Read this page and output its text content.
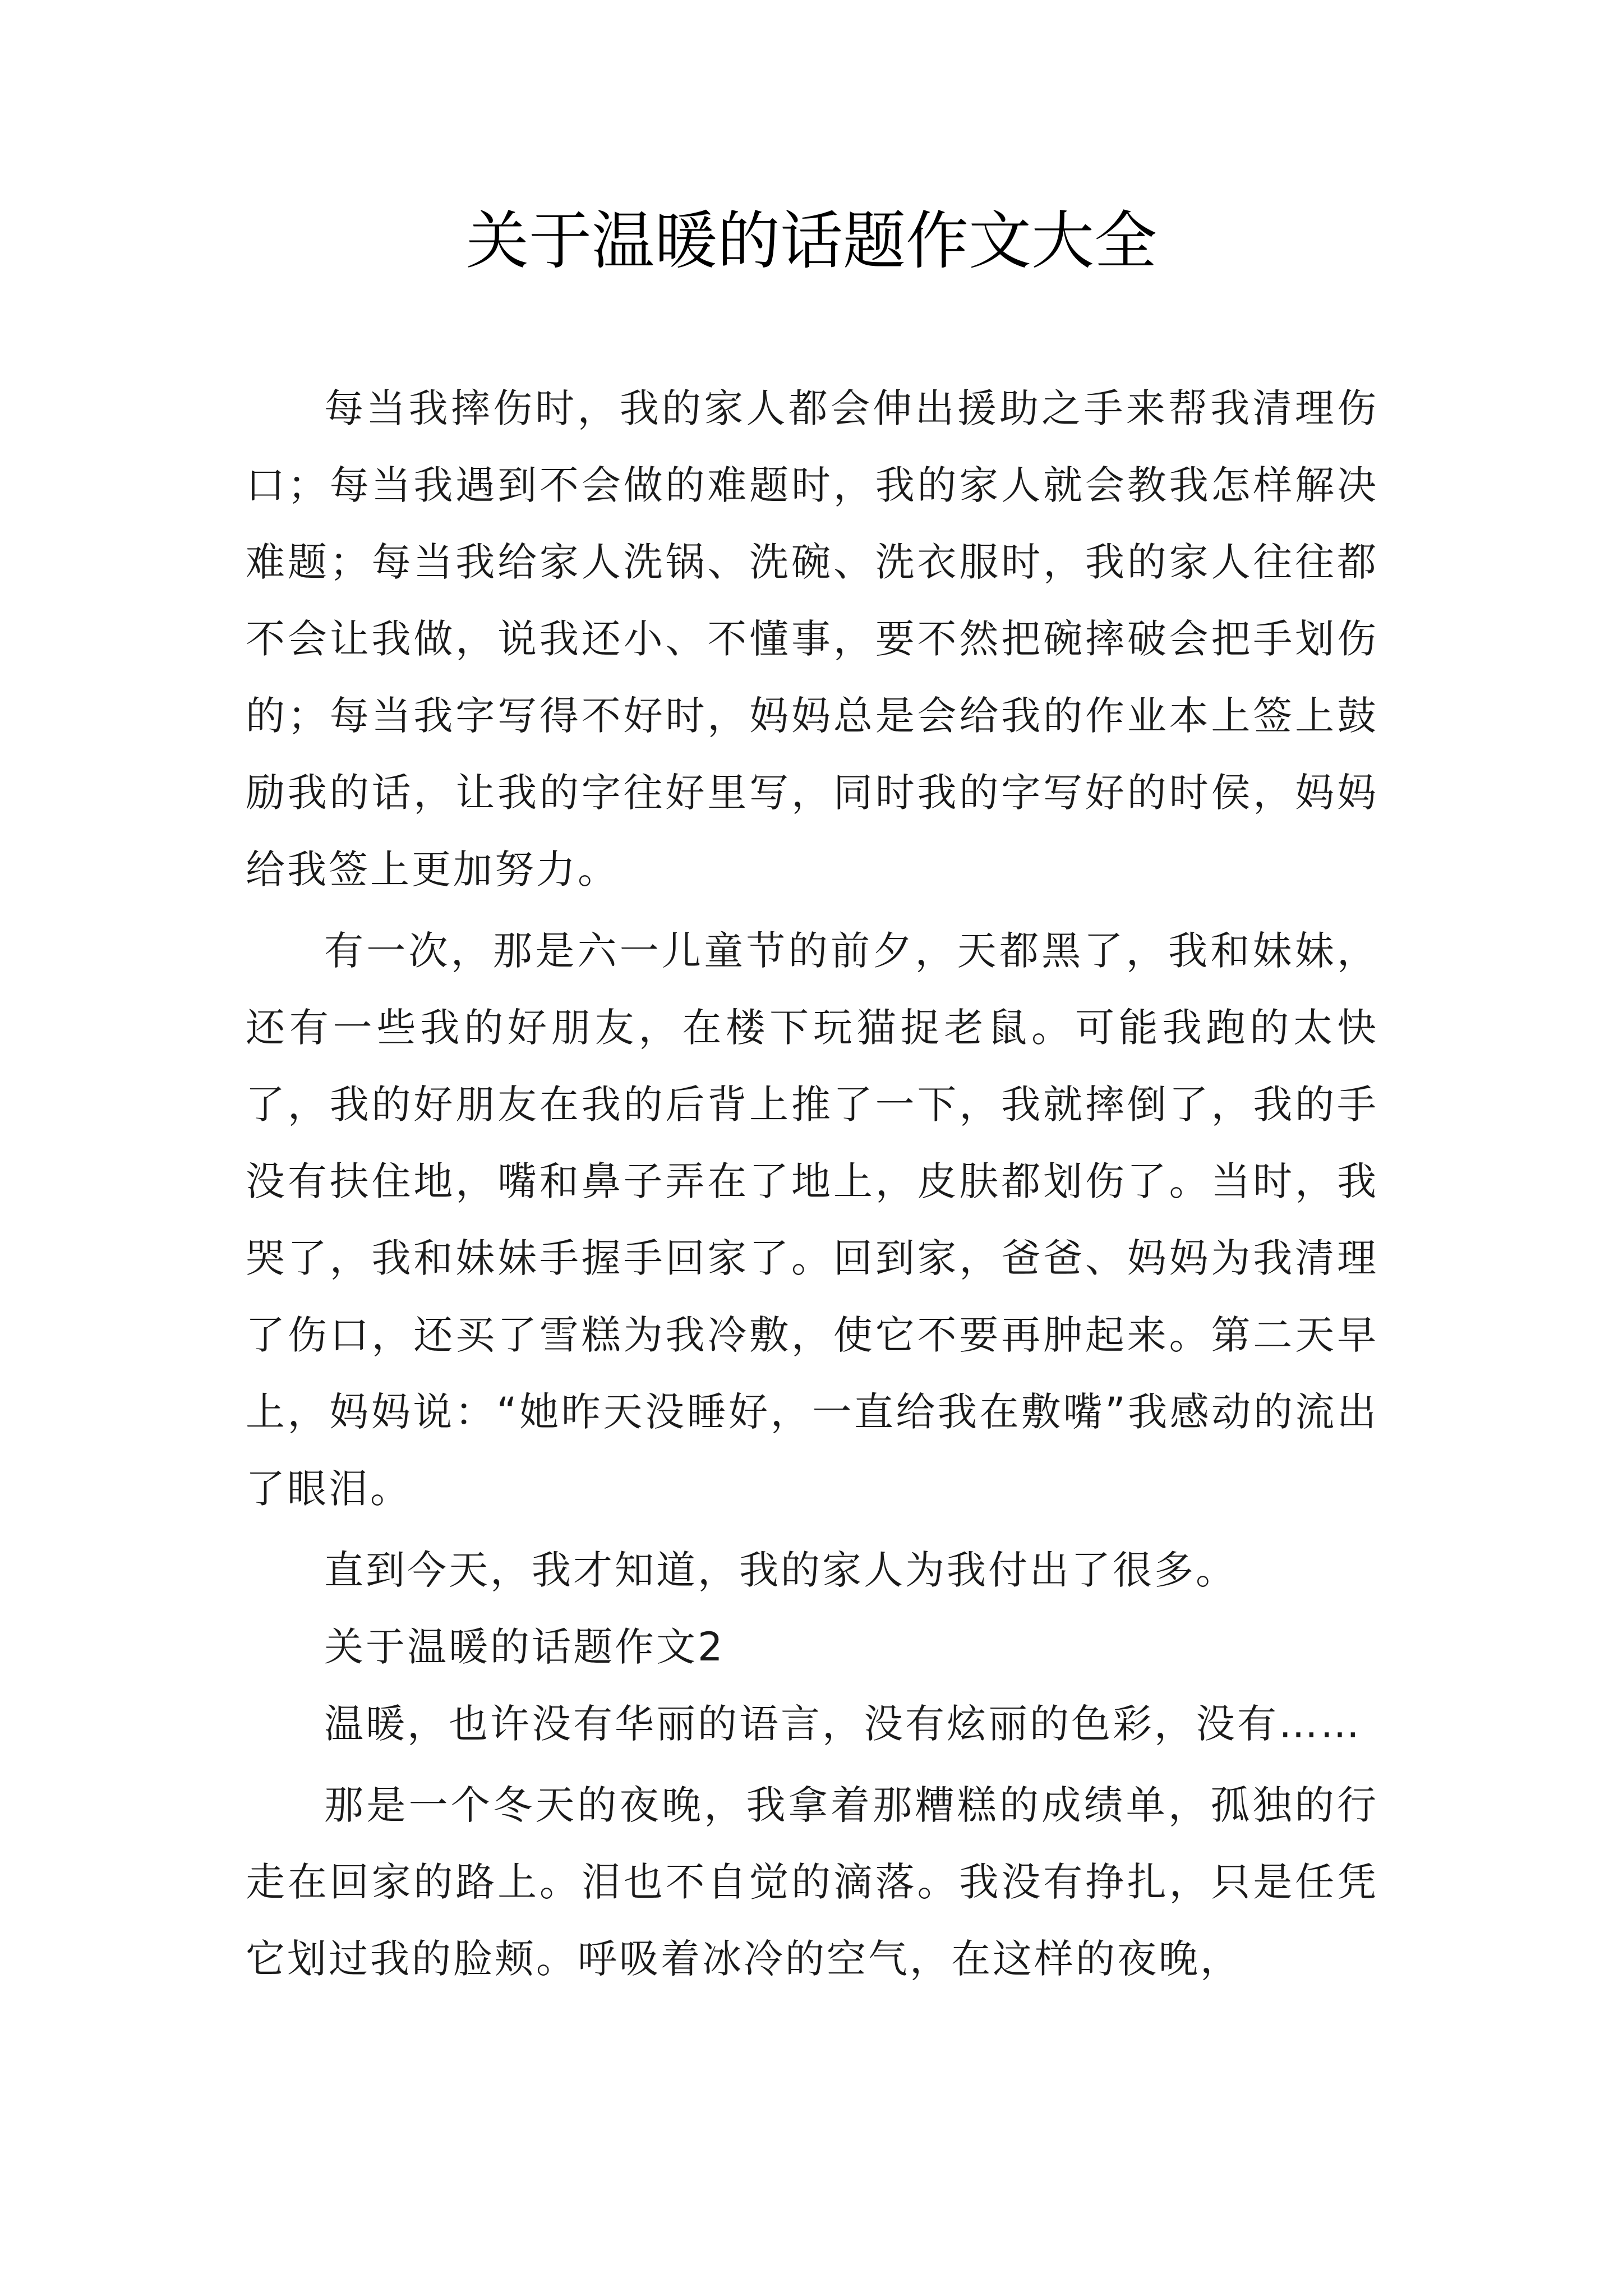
关于温暖的话题作文大全

每当我摔伤时，我的家人都会伸出援助之手来帮我清理伤口；每当我遇到不会做的难题时，我的家人就会教我怎样解决难题；每当我给家人洗锅、洗碗、洗衣服时，我的家人往往都不会让我做，说我还小、不懂事，要不然把碗摔破会把手划伤的；每当我字写得不好时，妈妈总是会给我的作业本上签上鼓励我的话，让我的字往好里写，同时我的字写好的时侯，妈妈给我签上更加努力。

有一次，那是六一儿童节的前夕，天都黑了，我和妹妹，还有一些我的好朋友，在楼下玩猫捉老鼠。可能我跑的太快了，我的好朋友在我的后背上推了一下，我就摔倒了，我的手没有扶住地，嘴和鼻子弄在了地上，皮肤都划伤了。当时，我哭了，我和妹妹手握手回家了。回到家，爸爸、妈妈为我清理了伤口，还买了雪糕为我冷敷，使它不要再肿起来。第二天早上，妈妈说：“她昨天没睡好，一直给我在敷嘴”我感动的流出了眼泪。

直到今天，我才知道，我的家人为我付出了很多。

关于温暖的话题作文2

温暖，也许没有华丽的语言，没有炫丽的色彩，没有……

那是一个冬天的夜晚，我拿着那糟糕的成绩单，孤独的行走在回家的路上。泪也不自觉的滴落。我没有挣扎，只是任凭它划过我的脸颊。呼吸着冰冷的空气，在这样的夜晚，
